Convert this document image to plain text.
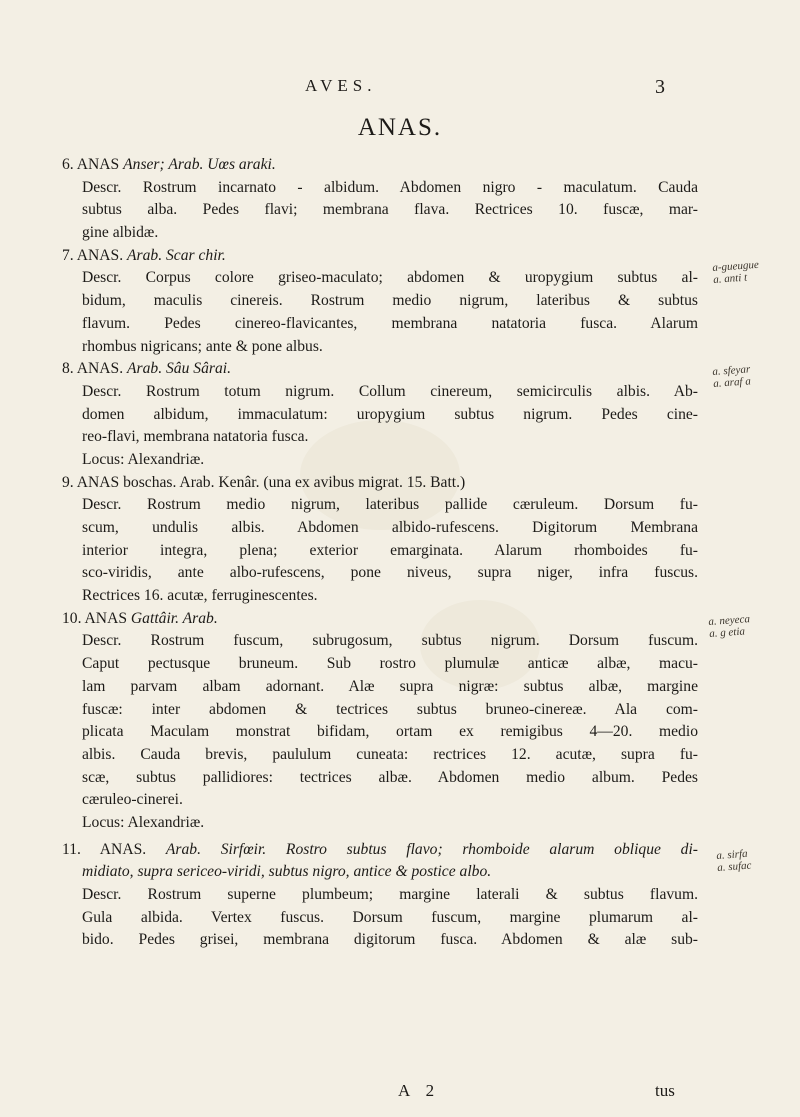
AVES.	3
ANAS.
6. ANAS Anser; Arab. Uœs araki.
Descr. Rostrum incarnato - albidum. Abdomen nigro - maculatum. Cauda
subtus alba. Pedes flavi; membrana flava. Rectrices 10. fuscæ, mar-
gine albidæ.
7. ANAS. Arab. Scar chir.
Descr. Corpus colore griseo-maculato; abdomen & uropygium subtus al-
bidum, maculis cinereis. Rostrum medio nigrum, lateribus & subtus
flavum. Pedes cinereo-flavicantes, membrana natatoria fusca. Alarum
rhombus nigricans; ante & pone albus.
8. ANAS. Arab. Sâu Sârai.
Descr. Rostrum totum nigrum. Collum cinereum, semicirculis albis. Ab-
domen albidum, immaculatum: uropygium subtus nigrum. Pedes cine-
reo-flavi, membrana natatoria fusca.
Locus: Alexandriæ.
9. ANAS boschas. Arab. Kenâr. (una ex avibus migrat. 15. Batt.)
Descr. Rostrum medio nigrum, lateribus pallide cæruleum. Dorsum fu-
scum, undulis albis. Abdomen albido-rufescens. Digitorum Membrana
interior integra, plena; exterior emarginata. Alarum rhomboides fu-
sco-viridis, ante albo-rufescens, pone niveus, supra niger, infra fuscus.
Rectrices 16. acutæ, ferruginescentes.
10. ANAS Gattâir. Arab.
Descr. Rostrum fuscum, subrugosum, subtus nigrum. Dorsum fuscum.
Caput pectusque bruneum. Sub rostro plumulæ anticæ albæ, macu-
lam parvam albam adornant. Alæ supra nigræ: subtus albæ, margine
fuscæ: inter abdomen & tectrices subtus bruneo-cinereæ. Ala com-
plicata Maculam monstrat bifidam, ortam ex remigibus 4—20. medio
albis. Cauda brevis, paululum cuneata: rectrices 12. acutæ, supra fu-
scæ, subtus pallidiores: tectrices albæ. Abdomen medio album. Pedes
cæruleo-cinerei.
Locus: Alexandriæ.
11. ANAS. Arab. Sirfœir. Rostro subtus flavo; rhomboide alarum oblique di-
midiato, supra sericeo-viridi, subtus nigro, antice & postice albo.
Descr. Rostrum superne plumbeum; margine laterali & subtus flavum.
Gula albida. Vertex fuscus. Dorsum fuscum, margine plumarum al-
bido. Pedes grisei, membrana digitorum fusca. Abdomen & alæ sub-
a-gueugue
a. anti t
a. sfeyar
a. araf a
a. neyeca
a. g etia
a. sirfa
a. sufac
A 2	tus
